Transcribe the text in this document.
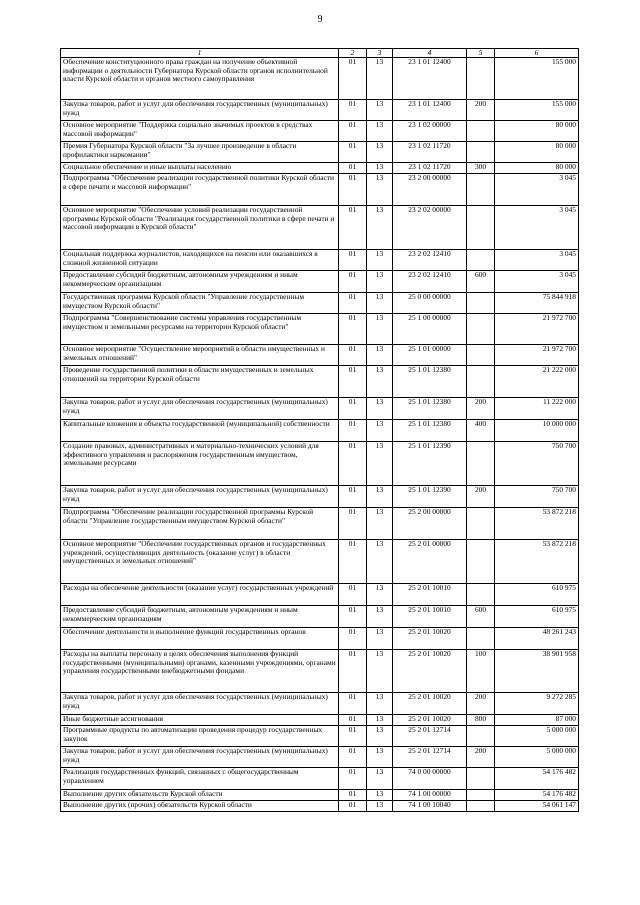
9
1	2	3	4	5	6
Обеспечение конституционного права граждан на получение объективной информации о деятельности Губернатора Курской области органов исполнительной власти Курской области и органов местного самоуправления	01	13	23 1 01 12400		155 000
Закупка товаров, работ и услуг для обеспечения государственных (муниципальных) нужд	01	13	23 1 01 12400	200	155 000
Основное мероприятие "Поддержка социально значимых проектов в средствах массовой информации"	01	13	23 1 02 00000		80 000
Премия Губернатора Курской области "За лучшее произведение в области профилактики наркомании"	01	13	23 1 02 11720		80 000
Социальное обеспечение и иные выплаты населению	01	13	23 1 02 11720	300	80 000
Подпрограмма "Обеспечение реализации государственной политики Курской области в сфере печати и массовой информации"	01	13	23 2 00 00000		3 045
Основное мероприятие "Обеспечение условий реализации государственной программы Курской области "Реализация государственной политики в сфере печати и массовой информации в Курской области"	01	13	23 2 02 00000		3 045
Социальная поддержка журналистов, находящихся на пенсии или оказавшихся в сложной жизненной ситуации	01	13	23 2 02 12410		3 045
Предоставление субсидий бюджетным, автономным учреждениям и иным некоммерческим организациям	01	13	23 2 02 12410	600	3 045
Государственная программа Курской области "Управление государственным имуществом Курской области"	01	13	25 0 00 00000		75 844 918
Подпрограмма "Совершенствование системы управления государственным имуществом и земельными ресурсами на территории Курской области"	01	13	25 1 00 00000		21 972 700
Основное мероприятие "Осуществление мероприятий в области имущественных и земельных отношений"	01	13	25 1 01 00000		21 972 700
Проведение государственной политики в области имущественных и земельных отношений на территории Курской области	01	13	25 1 01 12380		21 222 000
Закупка товаров, работ и услуг для обеспечения государственных (муниципальных) нужд	01	13	25 1 01 12380	200	11 222 000
Капитальные вложения в объекты государственной (муниципальной) собственности	01	13	25 1 01 12380	400	10 000 000
Создание правовых, административных и материально-технических условий для эффективного управления и распоряжения государственным имуществом, земельными ресурсами	01	13	25 1 01 12390		750 700
Закупка товаров, работ и услуг для обеспечения государственных (муниципальных) нужд	01	13	25 1 01 12390	200	750 700
Подпрограмма "Обеспечение реализации государственной программы Курской области "Управление государственным имуществом Курской области"	01	13	25 2 00 00000		53 872 218
Основное мероприятие "Обеспечение государственных органов и государственных учреждений, осуществляющих деятельность (оказание услуг) в области имущественных и земельных отношений"	01	13	25 2 01 00000		53 872 218
Расходы на обеспечение деятельности (оказание услуг) государственных учреждений	01	13	25 2 01 10010		610 975
Предоставление субсидий бюджетным, автономным учреждениям и иным некоммерческим организациям	01	13	25 2 01 10010	600	610 975
Обеспечение деятельности и выполнение функций государственных органов	01	13	25 2 01 10020		48 261 243
Расходы на выплаты персоналу в целях обеспечения выполнения функций государственными (муниципальными) органами, казенными учреждениями, органами управления государственными внебюджетными фондами	01	13	25 2 01 10020	100	38 901 958
Закупка товаров, работ и услуг для обеспечения государственных (муниципальных) нужд	01	13	25 2 01 10020	200	9 272 285
Иные бюджетные ассигнования	01	13	25 2 01 10020	800	87 000
Программные продукты по автоматизации проведения процедур государственных закупок	01	13	25 2 01 12714		5 000 000
Закупка товаров, работ и услуг для обеспечения государственных (муниципальных) нужд	01	13	25 2 01 12714	200	5 000 000
Реализация государственных функций, связанных с общегосударственным управлением	01	13	74 0 00 00000		54 176 482
Выполнение других обязательств Курской области	01	13	74 1 00 00000		54 176 482
Выполнение других (прочих) обязательств Курской области	01	13	74 1 00 10040		54 061 147
